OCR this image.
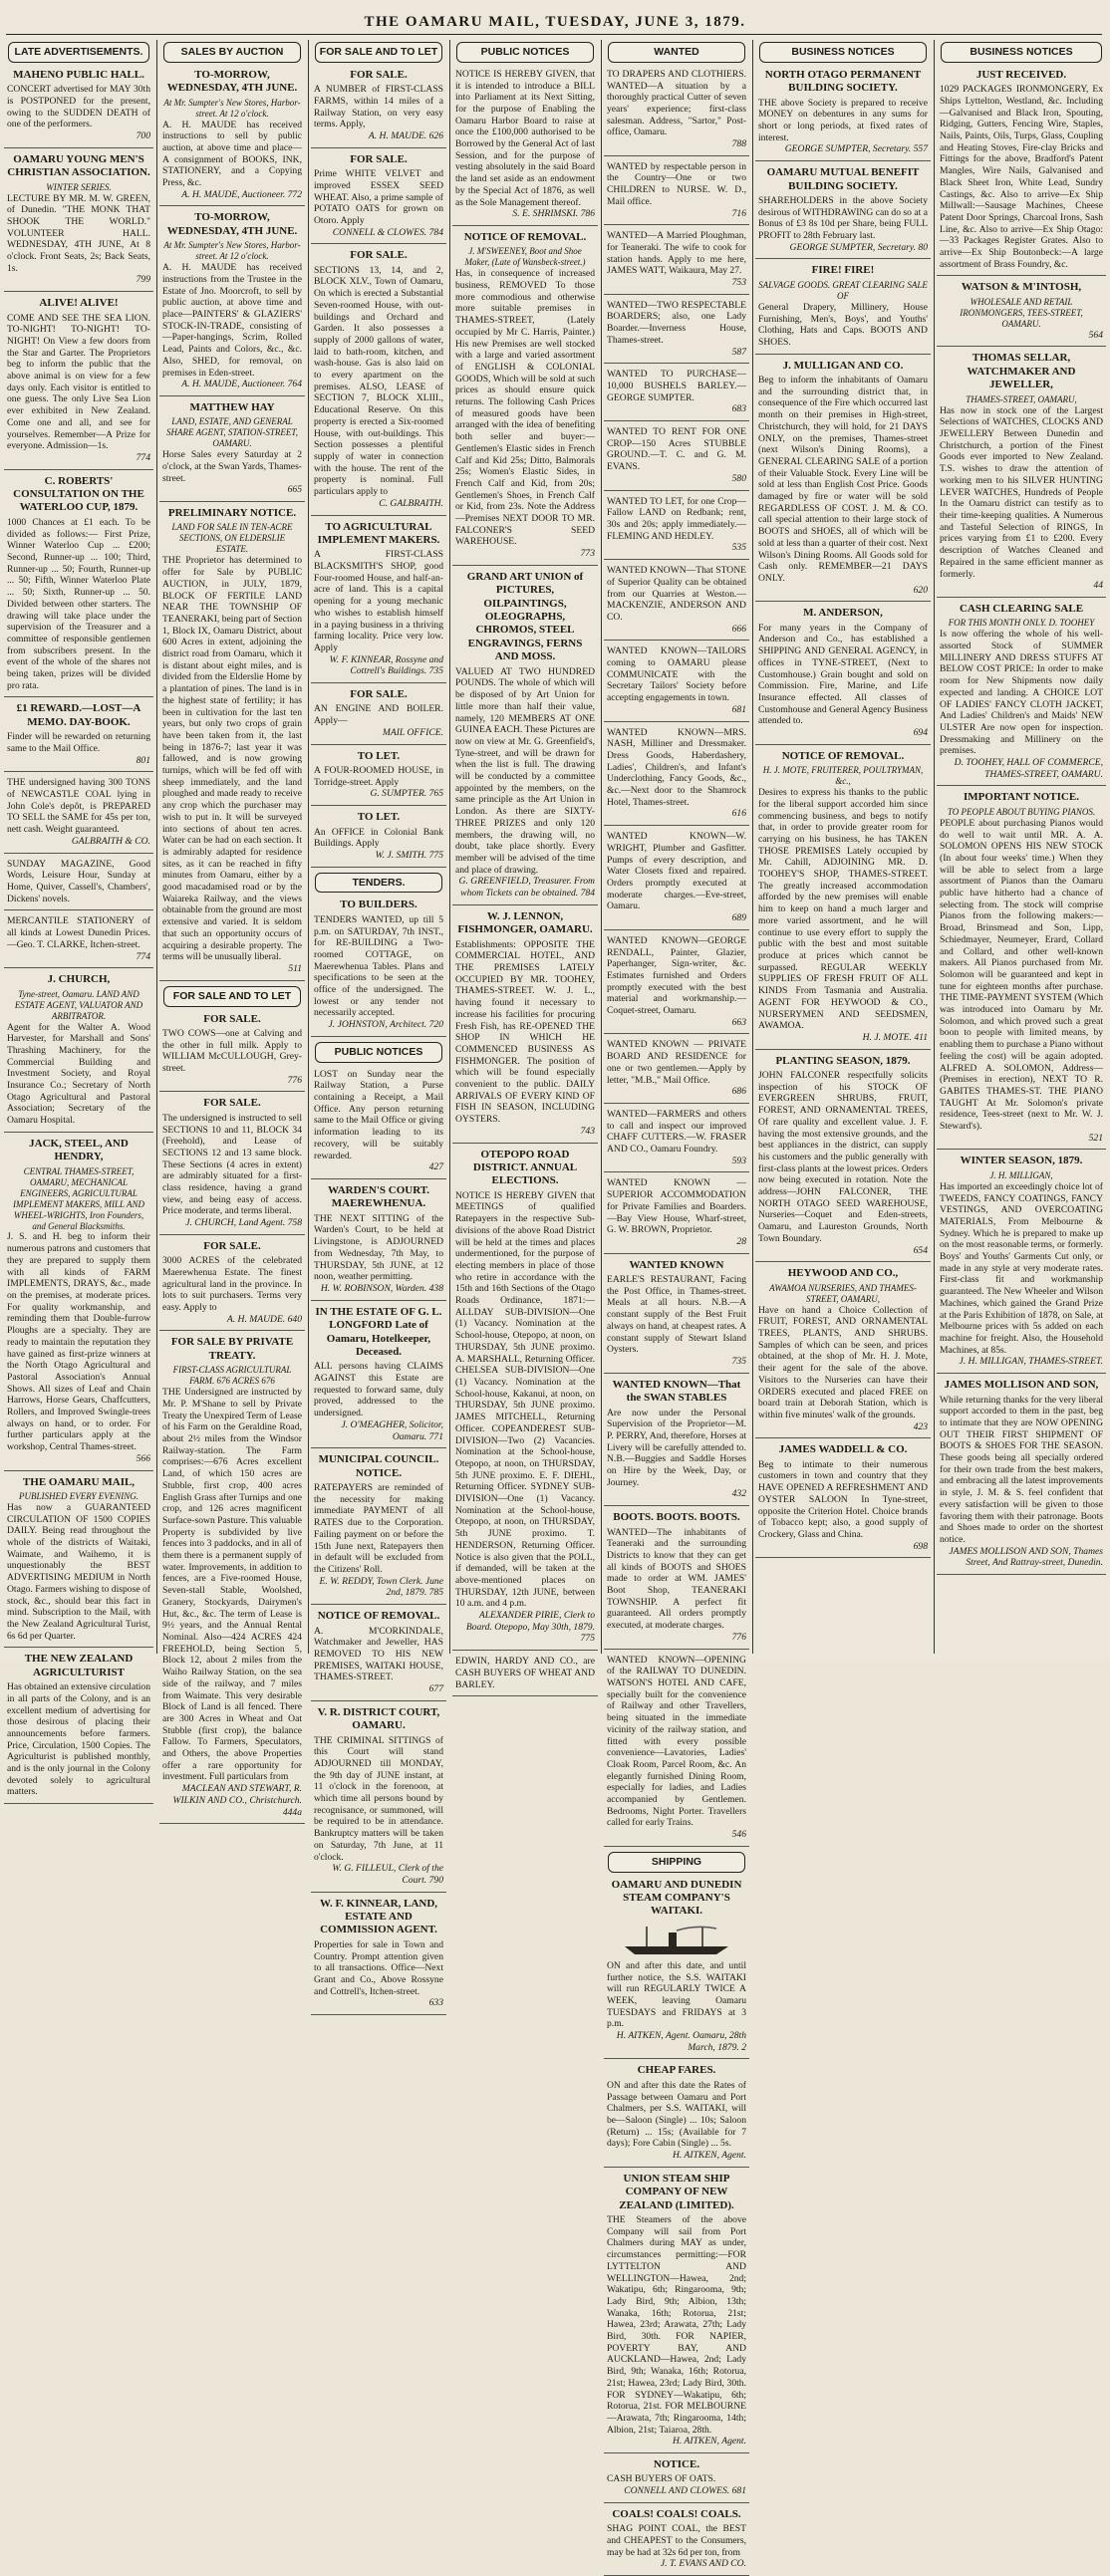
THE OAMARU MAIL, TUESDAY, JUNE 3, 1879.
LATE ADVERTISEMENTS.
MAHENO PUBLIC HALL.
CONCERT advertised for MAY 30th is POSTPONED for the present, owing to the SUDDEN DEATH of one of the performers.
700
OAMARU YOUNG MEN'S CHRISTIAN ASSOCIATION.
WINTER SERIES.
LECTURE BY MR. M. W. GREEN, of Dunedin. "THE MONK THAT SHOOK THE WORLD." VOLUNTEER HALL. WEDNESDAY, 4TH JUNE, At 8 o'clock. Front Seats, 2s; Back Seats, 1s.
799
ALIVE! ALIVE!
COME AND SEE THE SEA LION. TO-NIGHT! TO-NIGHT! TO-NIGHT! On View a few doors from the Star and Garter. The Proprietors beg to inform the public that the above animal is on view for a few days only. Each visitor is entitled to one guess. The only Live Sea Lion ever exhibited in New Zealand. Come one and all, and see for yourselves. Remember—A Prize for everyone. Admission—1s.
774
C. ROBERTS' CONSULTATION ON THE WATERLOO CUP, 1879.
1000 Chances at £1 each. To be divided as follows:— First Prize, Winner Waterloo Cup ... £200; Second, Runner-up ... 100; Third, Runner-up ... 50; Fourth, Runner-up ... 50; Fifth, Winner Waterloo Plate ... 50; Sixth, Runner-up ... 50. Divided between other starters. The drawing will take place under the supervision of the Treasurer and a committee of responsible gentlemen from subscribers present. In the event of the whole of the shares not being taken, prizes will be divided pro rata.
£1 REWARD.—LOST—A MEMO. DAY-BOOK.
Finder will be rewarded on returning same to the Mail Office.
801
THE undersigned having 300 TONS of NEWCASTLE COAL lying in John Cole's depôt, is PREPARED TO SELL the SAME for 45s per ton, nett cash. Weight guaranteed.
GALBRAITH & CO.
SUNDAY MAGAZINE, Good Words, Leisure Hour, Sunday at Home, Quiver, Cassell's, Chambers', Dickens' novels.
MERCANTILE STATIONERY of all kinds at Lowest Dunedin Prices.—Geo. T. CLARKE, Itchen-street.
774
J. CHURCH,
Tyne-street, Oamaru. LAND AND ESTATE AGENT, VALUATOR AND ARBITRATOR.
Agent for the Walter A. Wood Harvester, for Marshall and Sons' Thrashing Machinery, for the Commercial Building and Investment Society, and Royal Insurance Co.; Secretary of North Otago Agricultural and Pastoral Association; Secretary of the Oamaru Hospital.
JACK, STEEL, AND HENDRY,
CENTRAL THAMES-STREET, OAMARU, MECHANICAL ENGINEERS, AGRICULTURAL IMPLEMENT MAKERS, MILL AND WHEEL-WRIGHTS, Iron Founders, and General Blacksmiths.
J. S. and H. beg to inform their numerous patrons and customers that they are prepared to supply them with all kinds of FARM IMPLEMENTS, DRAYS, &c., made on the premises, at moderate prices. For quality workmanship, and reminding them that Double-furrow Ploughs are a specialty. They are ready to maintain the reputation they have gained as first-prize winners at the North Otago Agricultural and Pastoral Association's Annual Shows. All sizes of Leaf and Chain Harrows, Horse Gears, Chaffcutters, Rollers, and Improved Swingle-trees always on hand, or to order. For further particulars apply at the workshop, Central Thames-street.
566
THE OAMARU MAIL,
PUBLISHED EVERY EVENING.
Has now a GUARANTEED CIRCULATION OF 1500 COPIES DAILY. Being read throughout the whole of the districts of Waitaki, Waimate, and Waihemo, it is unquestionably the BEST ADVERTISING MEDIUM in North Otago. Farmers wishing to dispose of stock, &c., should bear this fact in mind. Subscription to the Mail, with the New Zealand Agricultural Turist, 6s 6d per Quarter.
THE NEW ZEALAND AGRICULTURIST
Has obtained an extensive circulation in all parts of the Colony, and is an excellent medium of advertising for those desirous of placing their announcements before farmers. Price, Circulation, 1500 Copies. The Agriculturist is published monthly, and is the only journal in the Colony devoted solely to agricultural matters.
SALES BY AUCTION
TO-MORROW, WEDNESDAY, 4TH JUNE.
At Mr. Sumpter's New Stores, Harbor-street. At 12 o'clock.
A. H. MAUDE has received instructions to sell by public auction, at above time and place—A consignment of BOOKS, INK, STATIONERY, and a Copying Press, &c.
A. H. MAUDE, Auctioneer. 772
TO-MORROW, WEDNESDAY, 4TH JUNE.
At Mr. Sumpter's New Stores, Harbor-street. At 12 o'clock.
A. H. MAUDE has received instructions from the Trustee in the Estate of Jno. Moorcroft, to sell by public auction, at above time and place—PAINTERS' & GLAZIERS' STOCK-IN-TRADE, consisting of—Paper-hangings, Scrim, Rolled Lead, Paints and Colors, &c., &c. Also, SHED, for removal, on premises in Eden-street.
A. H. MAUDE, Auctioneer. 764
MATTHEW HAY
LAND, ESTATE, AND GENERAL SHARE AGENT, STATION-STREET, OAMARU.
Horse Sales every Saturday at 2 o'clock, at the Swan Yards, Thames-street.
665
PRELIMINARY NOTICE.
LAND FOR SALE IN TEN-ACRE SECTIONS, ON ELDERSLIE ESTATE.
THE Proprietor has determined to offer for Sale by PUBLIC AUCTION, in JULY, 1879, BLOCK OF FERTILE LAND NEAR THE TOWNSHIP OF TEANERAKI, being part of Section 1, Block IX, Oamaru District, about 600 Acres in extent, adjoining the district road from Oamaru, which it is distant about eight miles, and is divided from the Elderslie Home by a plantation of pines. The land is in the highest state of fertility; it has been in cultivation for the last ten years, but only two crops of grain have been taken from it, the last being in 1876-7; last year it was fallowed, and is now growing turnips, which will be fed off with sheep immediately, and the land ploughed and made ready to receive any crop which the purchaser may wish to put in. It will be surveyed into sections of about ten acres. Water can be had on each section. It is admirably adapted for residence sites, as it can be reached in fifty minutes from Oamaru, either by a good macadamised road or by the Waiareka Railway, and the views obtainable from the ground are most extensive and varied. It is seldom that such an opportunity occurs of acquiring a desirable property. The terms will be unusually liberal.
511
FOR SALE AND TO LET
FOR SALE.
TWO COWS—one at Calving and the other in full milk. Apply to WILLIAM McCULLOUGH, Grey-street.
776
FOR SALE.
The undersigned is instructed to sell SECTIONS 10 and 11, BLOCK 34 (Freehold), and Lease of SECTIONS 12 and 13 same block. These Sections (4 acres in extent) are admirably situated for a first-class residence, having a grand view, and being easy of access. Price moderate, and terms liberal.
J. CHURCH, Land Agent. 758
FOR SALE.
3000 ACRES of the celebrated Maerewhenua Estate. The finest agricultural land in the province. In lots to suit purchasers. Terms very easy. Apply to
A. H. MAUDE. 640
FOR SALE BY PRIVATE TREATY.
FIRST-CLASS AGRICULTURAL FARM. 676 ACRES 676
THE Undersigned are instructed by Mr. P. M'Shane to sell by Private Treaty the Unexpired Term of Lease of his Farm on the Geraldine Road, about 2½ miles from the Windsor Railway-station. The Farm comprises:—676 Acres excellent Land, of which 150 acres are Stubble, first crop, 400 acres English Grass after Turnips and one crop, and 126 acres magnificent Surface-sown Pasture. This valuable Property is subdivided by live fences into 3 paddocks, and in all of them there is a permanent supply of water. Improvements, in addition to fences, are a Five-roomed House, Seven-stall Stable, Woolshed, Granery, Stockyards, Dairymen's Hut, &c., &c. The term of Lease is 9½ years, and the Annual Rental Nominal. Also—424 ACRES 424 FREEHOLD, being Section 5, Block 12, about 2 miles from the Waiho Railway Station, on the sea side of the railway, and 7 miles from Waimate. This very desirable Block of Land is all fenced. There are 300 Acres in Wheat and Oat Stubble (first crop), the balance Fallow. To Farmers, Speculators, and Others, the above Properties offer a rare opportunity for investment. Full particulars from
MACLEAN AND STEWART, R. WILKIN AND CO., Christchurch. 444a
FOR SALE AND TO LET
FOR SALE.
A NUMBER of FIRST-CLASS FARMS, within 14 miles of a Railway Station, on very easy terms. Apply,
A. H. MAUDE. 626
FOR SALE.
Prime WHITE VELVET and improved ESSEX SEED WHEAT. Also, a prime sample of POTATO OATS for grown on Otoro. Apply
CONNELL & CLOWES. 784
FOR SALE.
SECTIONS 13, 14, and 2, BLOCK XLV., Town of Oamaru, On which is erected a Substantial Seven-roomed House, with out-buildings and Orchard and Garden. It also possesses a supply of 2000 gallons of water, laid to bath-room, kitchen, and wash-house. Gas is also laid on to every apartment on the premises. ALSO, LEASE of SECTION 7, BLOCK XLIII., Educational Reserve. On this property is erected a Six-roomed House, with out-buildings. This Section possesses a plentiful supply of water in connection with the house. The rent of the property is nominal. Full particulars apply to
C. GALBRAITH.
TO AGRICULTURAL IMPLEMENT MAKERS.
A FIRST-CLASS BLACKSMITH'S SHOP, good Four-roomed House, and half-an-acre of land. This is a capital opening for a young mechanic who wishes to establish himself in a paying business in a thriving farming locality. Price very low. Apply
W. F. KINNEAR, Rossyne and Cottrell's Buildings. 735
FOR SALE.
AN ENGINE AND BOILER. Apply—
MAIL OFFICE.
TO LET.
A FOUR-ROOMED HOUSE, in Torridge-street. Apply
G. SUMPTER. 765
TO LET.
An OFFICE in Colonial Bank Buildings. Apply
W. J. SMITH. 775
TENDERS.
TO BUILDERS.
TENDERS WANTED, up till 5 p.m. on SATURDAY, 7th INST., for RE-BUILDING a Two-roomed COTTAGE, on Maerewhenua Tables. Plans and specifications to be seen at the office of the undersigned. The lowest or any tender not necessarily accepted.
J. JOHNSTON, Architect. 720
PUBLIC NOTICES
LOST on Sunday near the Railway Station, a Purse containing a Receipt, a Mail Office. Any person returning same to the Mail Office or giving information leading to its recovery, will be suitably rewarded.
427
WARDEN'S COURT. MAEREWHENUA.
THE NEXT SITTING of the Warden's Court, to be held at Livingstone, is ADJOURNED from Wednesday, 7th May, to THURSDAY, 5th JUNE, at 12 noon, weather permitting.
H. W. ROBINSON, Warden. 438
IN THE ESTATE OF G. L. LONGFORD Late of Oamaru, Hotelkeeper, Deceased.
ALL persons having CLAIMS AGAINST this Estate are requested to forward same, duly proved, addressed to the undersigned.
J. O'MEAGHER, Solicitor, Oamaru. 771
MUNICIPAL COUNCIL. NOTICE.
RATEPAYERS are reminded of the necessity for making immediate PAYMENT of all RATES due to the Corporation. Failing payment on or before the 15th June next, Ratepayers then in default will be excluded from the Citizens' Roll.
E. W. REDDY, Town Clerk. June 2nd, 1879. 785
NOTICE OF REMOVAL.
A. M'CORKINDALE, Watchmaker and Jeweller, HAS REMOVED TO HIS NEW PREMISES, WAITAKI HOUSE, THAMES-STREET.
677
V. R. DISTRICT COURT, OAMARU.
THE CRIMINAL SITTINGS of this Court will stand ADJOURNED till MONDAY, the 9th day of JUNE instant, at 11 o'clock in the forenoon, at which time all persons bound by recognisance, or summoned, will be required to be in attendance. Bankruptcy matters will be taken on Saturday, 7th June, at 11 o'clock.
W. G. FILLEUL, Clerk of the Court. 790
W. F. KINNEAR, LAND, ESTATE AND COMMISSION AGENT.
Properties for sale in Town and Country. Prompt attention given to all transactions. Office—Next Grant and Co., Above Rossyne and Cottrell's, Itchen-street.
633
PUBLIC NOTICES
NOTICE IS HEREBY GIVEN, that it is intended to introduce a BILL into Parliament at its Next Sitting, for the purpose of Enabling the Oamaru Harbor Board to raise at once the £100,000 authorised to be Borrowed by the General Act of last Session, and for the purpose of vesting absolutely in the said Board the land set aside as an endowment by the Special Act of 1876, as well as the Sole Management thereof.
S. E. SHRIMSKI. 786
NOTICE OF REMOVAL.
J. M'SWEENEY, Boot and Shoe Maker, (Late of Wansbeck-street.)
Has, in consequence of increased business, REMOVED To those more commodious and otherwise more suitable premises in THAMES-STREET, (Lately occupied by Mr C. Harris, Painter.) His new Premises are well stocked with a large and varied assortment of ENGLISH & COLONIAL GOODS, Which will be sold at such prices as should ensure quick returns. The following Cash Prices of measured goods have been arranged with the idea of benefiting both seller and buyer:—Gentlemen's Elastic sides in French Calf and Kid 25s; Ditto, Balmorals 25s; Women's Elastic Sides, in French Calf and Kid, from 20s; Gentlemen's Shoes, in French Calf or Kid, from 23s. Note the Address—Premises NEXT DOOR TO MR. FALCONER'S SEED WAREHOUSE.
773
GRAND ART UNION of PICTURES, OILPAINTINGS, OLEOGRAPHS, CHROMOS, STEEL ENGRAVINGS, FERNS AND MOSS.
VALUED AT TWO HUNDRED POUNDS. The whole of which will be disposed of by Art Union for little more than half their value, namely, 120 MEMBERS AT ONE GUINEA EACH. These Pictures are now on view at Mr. G. Greenfield's, Tyne-street, and will be drawn for when the list is full. The drawing will be conducted by a committee appointed by the members, on the same principle as the Art Union in London. As there are SIXTY-THREE PRIZES and only 120 members, the drawing will, no doubt, take place shortly. Every member will be advised of the time and place of drawing.
G. GREENFIELD, Treasurer. From whom Tickets can be obtained. 784
W. J. LENNON, FISHMONGER, OAMARU.
Establishments: OPPOSITE THE COMMERCIAL HOTEL, AND THE PREMISES LATELY OCCUPIED BY MR. TOOHEY, THAMES-STREET. W. J. L., having found it necessary to increase his facilities for procuring Fresh Fish, has RE-OPENED THE SHOP IN WHICH HE COMMENCED BUSINESS AS FISHMONGER. The position of which will be found especially convenient to the public. DAILY ARRIVALS OF EVERY KIND OF FISH IN SEASON, INCLUDING OYSTERS.
743
OTEPOPO ROAD DISTRICT. ANNUAL ELECTIONS.
NOTICE IS HEREBY GIVEN that MEETINGS of qualified Ratepayers in the respective Sub-divisions of the above Road District will be held at the times and places undermentioned, for the purpose of electing members in place of those who retire in accordance with the 15th and 16th Sections of the Otago Roads Ordinance, 1871:—ALLDAY SUB-DIVISION—One (1) Vacancy. Nomination at the School-house, Otepopo, at noon, on THURSDAY, 5th JUNE proximo. A. MARSHALL, Returning Officer. CHELSEA SUB-DIVISION—One (1) Vacancy. Nomination at the School-house, Kakanui, at noon, on THURSDAY, 5th JUNE proximo. JAMES MITCHELL, Returning Officer. COPEANDEREST SUB-DIVISION—Two (2) Vacancies. Nomination at the School-house, Otepopo, at noon, on THURSDAY, 5th JUNE proximo. E. F. DIEHL, Returning Officer. SYDNEY SUB-DIVISION—One (1) Vacancy. Nomination at the School-house, Otepopo, at noon, on THURSDAY, 5th JUNE proximo. T. HENDERSON, Returning Officer. Notice is also given that the POLL, if demanded, will be taken at the above-mentioned places on THURSDAY, 12th JUNE, between 10 a.m. and 4 p.m.
ALEXANDER PIRIE, Clerk to Board. Otepopo, May 30th, 1879. 775
EDWIN, HARDY AND CO., are CASH BUYERS OF WHEAT AND BARLEY.
WANTED
TO DRAPERS AND CLOTHIERS. WANTED—A situation by a thoroughly practical Cutter of seven years' experience; first-class salesman. Address, "Sartor," Post-office, Oamaru.
788
WANTED by respectable person in the Country—One or two CHILDREN to NURSE. W. D., Mail office.
716
WANTED—A Married Ploughman, for Teaneraki. The wife to cook for station hands. Apply to me here, JAMES WATT, Waikaura, May 27.
753
WANTED—TWO RESPECTABLE BOARDERS; also, one Lady Boarder.—Inverness House, Thames-street.
587
WANTED TO PURCHASE—10,000 BUSHELS BARLEY.—GEORGE SUMPTER.
683
WANTED TO RENT FOR ONE CROP—150 Acres STUBBLE GROUND.—T. C. and G. M. EVANS.
580
WANTED TO LET, for one Crop—Fallow LAND on Redbank; rent, 30s and 20s; apply immediately.—FLEMING AND HEDLEY.
535
WANTED KNOWN—That STONE of Superior Quality can be obtained from our Quarries at Weston.—MACKENZIE, ANDERSON AND CO.
666
WANTED KNOWN—TAILORS coming to OAMARU please COMMUNICATE with the Secretary Tailors' Society before accepting engagements in town.
681
WANTED KNOWN—MRS. NASH, Milliner and Dressmaker. Dress Goods, Haberdashery, Ladies', Children's, and Infant's Underclothing, Fancy Goods, &c., &c.—Next door to the Shamrock Hotel, Thames-street.
616
WANTED KNOWN—W. WRIGHT, Plumber and Gasfitter. Pumps of every description, and Water Closets fixed and repaired. Orders promptly executed at moderate charges.—Eve-street, Oamaru.
689
WANTED KNOWN—GEORGE RENDALL, Painter, Glazier, Paperhanger, Sign-writer, &c. Estimates furnished and Orders promptly executed with the best material and workmanship.—Coquet-street, Oamaru.
663
WANTED KNOWN — PRIVATE BOARD AND RESIDENCE for one or two gentlemen.—Apply by letter, "M.B.," Mail Office.
686
WANTED—FARMERS and others to call and inspect our improved CHAFF CUTTERS.—W. FRASER AND CO., Oamaru Foundry.
593
WANTED KNOWN — SUPERIOR ACCOMMODATION for Private Families and Boarders.—Bay View House, Wharf-street, G. W. BROWN, Proprietor.
28
WANTED KNOWN
EARLE'S RESTAURANT, Facing the Post Office, in Thames-street. Meals at all hours. N.B.—A constant supply of the Best Fruit always on hand, at cheapest rates. A constant supply of Stewart Island Oysters.
735
WANTED KNOWN—That the SWAN STABLES
Are now under the Personal Supervision of the Proprietor—M. P. PERRY, And, therefore, Horses at Livery will be carefully attended to. N.B.—Buggies and Saddle Horses on Hire by the Week, Day, or Journey.
432
BOOTS. BOOTS. BOOTS.
WANTED—The inhabitants of Teaneraki and the surrounding Districts to know that they can get all kinds of BOOTS and SHOES made to order at WM. JAMES' Boot Shop, TEANERAKI TOWNSHIP. A perfect fit guaranteed. All orders promptly executed, at moderate charges.
776
WANTED KNOWN—OPENING of the RAILWAY TO DUNEDIN. WATSON'S HOTEL AND CAFE, specially built for the convenience of Railway and other Travellers, being situated in the immediate vicinity of the railway station, and fitted with every possible convenience—Lavatories, Ladies' Cloak Room, Parcel Room, &c. An elegantly furnished Dining Room, especially for ladies, and Ladies accompanied by Gentlemen. Bedrooms, Night Porter. Travellers called for early Trains.
546
SHIPPING
OAMARU AND DUNEDIN STEAM COMPANY'S WAITAKI.
ON and after this date, and until further notice, the S.S. WAITAKI will run REGULARLY TWICE A WEEK, leaving Oamaru TUESDAYS and FRIDAYS at 3 p.m.
H. AITKEN, Agent. Oamaru, 28th March, 1879. 2
CHEAP FARES.
ON and after this date the Rates of Passage between Oamaru and Port Chalmers, per S.S. WAITAKI, will be—Saloon (Single) ... 10s; Saloon (Return) ... 15s; (Available for 7 days); Fore Cabin (Single) ... 5s.
H. AITKEN, Agent.
UNION STEAM SHIP COMPANY OF NEW ZEALAND (LIMITED).
THE Steamers of the above Company will sail from Port Chalmers during MAY as under, circumstances permitting:—FOR LYTTELTON AND WELLINGTON—Hawea, 2nd; Wakatipu, 6th; Ringarooma, 9th; Lady Bird, 9th; Albion, 13th; Wanaka, 16th; Rotorua, 21st; Hawea, 23rd; Arawata, 27th; Lady Bird, 30th. FOR NAPIER, POVERTY BAY, AND AUCKLAND—Hawea, 2nd; Lady Bird, 9th; Wanaka, 16th; Rotorua, 21st; Hawea, 23rd; Lady Bird, 30th. FOR SYDNEY—Wakatipu, 6th; Rotorua, 21st. FOR MELBOURNE—Arawata, 7th; Ringarooma, 14th; Albion, 21st; Taiaroa, 28th.
H. AITKEN, Agent.
NOTICE.
CASH BUYERS OF OATS.
CONNELL AND CLOWES. 681
COALS! COALS! COALS.
SHAG POINT COAL, the BEST and CHEAPEST to the Consumers, may be had at 32s 6d per ton, from
J. T. EVANS AND CO.
BUSINESS NOTICES
NORTH OTAGO PERMANENT BUILDING SOCIETY.
THE above Society is prepared to receive MONEY on debentures in any sums for short or long periods, at fixed rates of interest.
GEORGE SUMPTER, Secretary. 557
OAMARU MUTUAL BENEFIT BUILDING SOCIETY.
SHAREHOLDERS in the above Society desirous of WITHDRAWING can do so at a Bonus of £3 8s 10d per Share, being FULL PROFIT to 28th February last.
GEORGE SUMPTER, Secretary. 80
FIRE! FIRE!
SALVAGE GOODS. GREAT CLEARING SALE OF
General Drapery, Millinery, House Furnishing, Men's, Boys', and Youths' Clothing, Hats and Caps. BOOTS AND SHOES.
J. MULLIGAN AND CO.
Beg to inform the inhabitants of Oamaru and the surrounding district that, in consequence of the Fire which occurred last month on their premises in High-street, Christchurch, they will hold, for 21 DAYS ONLY, on the premises, Thames-street (next Wilson's Dining Rooms), a GENERAL CLEARING SALE of a portion of their Valuable Stock. Every Line will be sold at less than English Cost Price. Goods damaged by fire or water will be sold REGARDLESS OF COST. J. M. & CO. call special attention to their large stock of BOOTS and SHOES, all of which will be sold at less than a quarter of their cost. Next Wilson's Dining Rooms. All Goods sold for Cash only. REMEMBER—21 DAYS ONLY.
620
M. ANDERSON,
For many years in the Company of Anderson and Co., has established a SHIPPING AND GENERAL AGENCY, in offices in TYNE-STREET, (Next to Customhouse.) Grain bought and sold on Commission. Fire, Marine, and Life Insurance effected. All classes of Customhouse and General Agency Business attended to.
694
NOTICE OF REMOVAL.
H. J. MOTE, FRUITERER, POULTRYMAN, &c.,
Desires to express his thanks to the public for the liberal support accorded him since commencing business, and begs to notify that, in order to provide greater room for carrying on his business, he has TAKEN THOSE PREMISES Lately occupied by Mr. Cahill, ADJOINING MR. D. TOOHEY'S SHOP, THAMES-STREET. The greatly increased accommodation afforded by the new premises will enable him to keep on hand a much larger and more varied assortment, and he will continue to use every effort to supply the public with the best and most suitable produce at prices which cannot be surpassed. REGULAR WEEKLY SUPPLIES OF FRESH FRUIT OF ALL KINDS From Tasmania and Australia. AGENT FOR HEYWOOD & CO., NURSERYMEN AND SEEDSMEN, AWAMOA.
H. J. MOTE. 411
PLANTING SEASON, 1879.
JOHN FALCONER respectfully solicits inspection of his STOCK OF EVERGREEN SHRUBS, FRUIT, FOREST, AND ORNAMENTAL TREES, Of rare quality and excellent value. J. F. having the most extensive grounds, and the best appliances in the district, can supply his customers and the public generally with first-class plants at the lowest prices. Orders now being executed in rotation. Note the address—JOHN FALCONER, THE NORTH OTAGO SEED WAREHOUSE, Nurseries—Coquet and Eden-streets, Oamaru, and Laureston Grounds, North Town Boundary.
654
HEYWOOD AND CO.,
AWAMOA NURSERIES, AND THAMES-STREET, OAMARU,
Have on hand a Choice Collection of FRUIT, FOREST, AND ORNAMENTAL TREES, PLANTS, AND SHRUBS. Samples of which can be seen, and prices obtained, at the shop of Mr. H. J. Mote, their agent for the sale of the above. Visitors to the Nurseries can have their ORDERS executed and placed FREE on board train at Deborah Station, which is within five minutes' walk of the grounds.
423
JAMES WADDELL & CO.
Beg to intimate to their numerous customers in town and country that they HAVE OPENED A REFRESHMENT AND OYSTER SALOON In Tyne-street, opposite the Criterion Hotel. Choice brands of Tobacco kept; also, a good supply of Crockery, Glass and China.
698
BUSINESS NOTICES
JUST RECEIVED.
1029 PACKAGES IRONMONGERY, Ex Ships Lyttelton, Westland, &c. Including—Galvanised and Black Iron, Spouting, Ridging, Gutters, Fencing Wire, Staples, Nails, Paints, Oils, Turps, Glass, Coupling and Heating Stoves, Fire-clay Bricks and Fittings for the above, Bradford's Patent Mangles, Wire Nails, Galvanised and Black Sheet Iron, White Lead, Sundry Castings, &c. Also to arrive—Ex Ship Millwall:—Sausage Machines, Cheese Patent Door Springs, Charcoal Irons, Sash Line, &c. Also to arrive—Ex Ship Otago:—33 Packages Register Grates. Also to arrive—Ex Ship Boutonbeck:—A large assortment of Brass Foundry, &c.
WATSON & M'INTOSH,
WHOLESALE AND RETAIL IRONMONGERS, TEES-STREET, OAMARU.
564
THOMAS SELLAR, WATCHMAKER AND JEWELLER,
THAMES-STREET, OAMARU,
Has now in stock one of the Largest Selections of WATCHES, CLOCKS AND JEWELLERY Between Dunedin and Christchurch, a portion of the Finest Goods ever imported to New Zealand. T.S. wishes to draw the attention of working men to his SILVER HUNTING LEVER WATCHES, Hundreds of People In the Oamaru district can testify as to their time-keeping qualities. A Numerous and Tasteful Selection of RINGS, In prices varying from £1 to £200. Every description of Watches Cleaned and Repaired in the same efficient manner as formerly.
44
CASH CLEARING SALE
FOR THIS MONTH ONLY. D. TOOHEY
Is now offering the whole of his well-assorted Stock of SUMMER MILLINERY AND DRESS STUFFS AT BELOW COST PRICE: In order to make room for New Shipments now daily expected and landing. A CHOICE LOT OF LADIES' FANCY CLOTH JACKET, And Ladies' Children's and Maids' NEW ULSTER Are now open for inspection. Dressmaking and Millinery on the premises.
D. TOOHEY, HALL OF COMMERCE, THAMES-STREET, OAMARU.
IMPORTANT NOTICE.
TO PEOPLE ABOUT BUYING PIANOS.
PEOPLE about purchasing Pianos would do well to wait until MR. A. A. SOLOMON OPENS HIS NEW STOCK (In about four weeks' time.) When they will be able to select from a large assortment of Pianos than the Oamaru public have hitherto had a chance of selecting from. The stock will comprise Pianos from the following makers:—Broad, Brinsmead and Son, Lipp, Schiedmayer, Neumeyer, Erard, Collard and Collard, and other well-known makers. All Pianos purchased from Mr. Solomon will be guaranteed and kept in tune for eighteen months after purchase. THE TIME-PAYMENT SYSTEM (Which was introduced into Oamaru by Mr. Solomon, and which proved such a great boon to people with limited means, by enabling them to purchase a Piano without feeling the cost) will be again adopted. ALFRED A. SOLOMON, Address—(Premises in erection), NEXT TO R. GABITES THAMES-ST. THE PIANO TAUGHT At Mr. Solomon's private residence, Tees-street (next to Mr. W. J. Steward's).
521
WINTER SEASON, 1879.
J. H. MILLIGAN,
Has imported an exceedingly choice lot of TWEEDS, FANCY COATINGS, FANCY VESTINGS, AND OVERCOATING MATERIALS, From Melbourne & Sydney. Which he is prepared to make up on the most reasonable terms, or formerly. Boys' and Youths' Garments Cut only, or made in any style at very moderate rates. First-class fit and workmanship guaranteed. The New Wheeler and Wilson Machines, which gained the Grand Prize at the Paris Exhibition of 1878, on Sale, at Melbourne prices with 5s added on each machine for freight. Also, the Household Machines, at 85s.
J. H. MILLIGAN, THAMES-STREET.
JAMES MOLLISON AND SON,
While returning thanks for the very liberal support accorded to them in the past, beg to intimate that they are NOW OPENING OUT THEIR FIRST SHIPMENT OF BOOTS & SHOES FOR THE SEASON. These goods being all specially ordered for their own trade from the best makers, and embracing all the latest improvements in style, J. M. & S. feel confident that every satisfaction will be given to those favoring them with their patronage. Boots and Shoes made to order on the shortest notice.
JAMES MOLLISON AND SON, Thames Street, And Rattray-street, Dunedin.
